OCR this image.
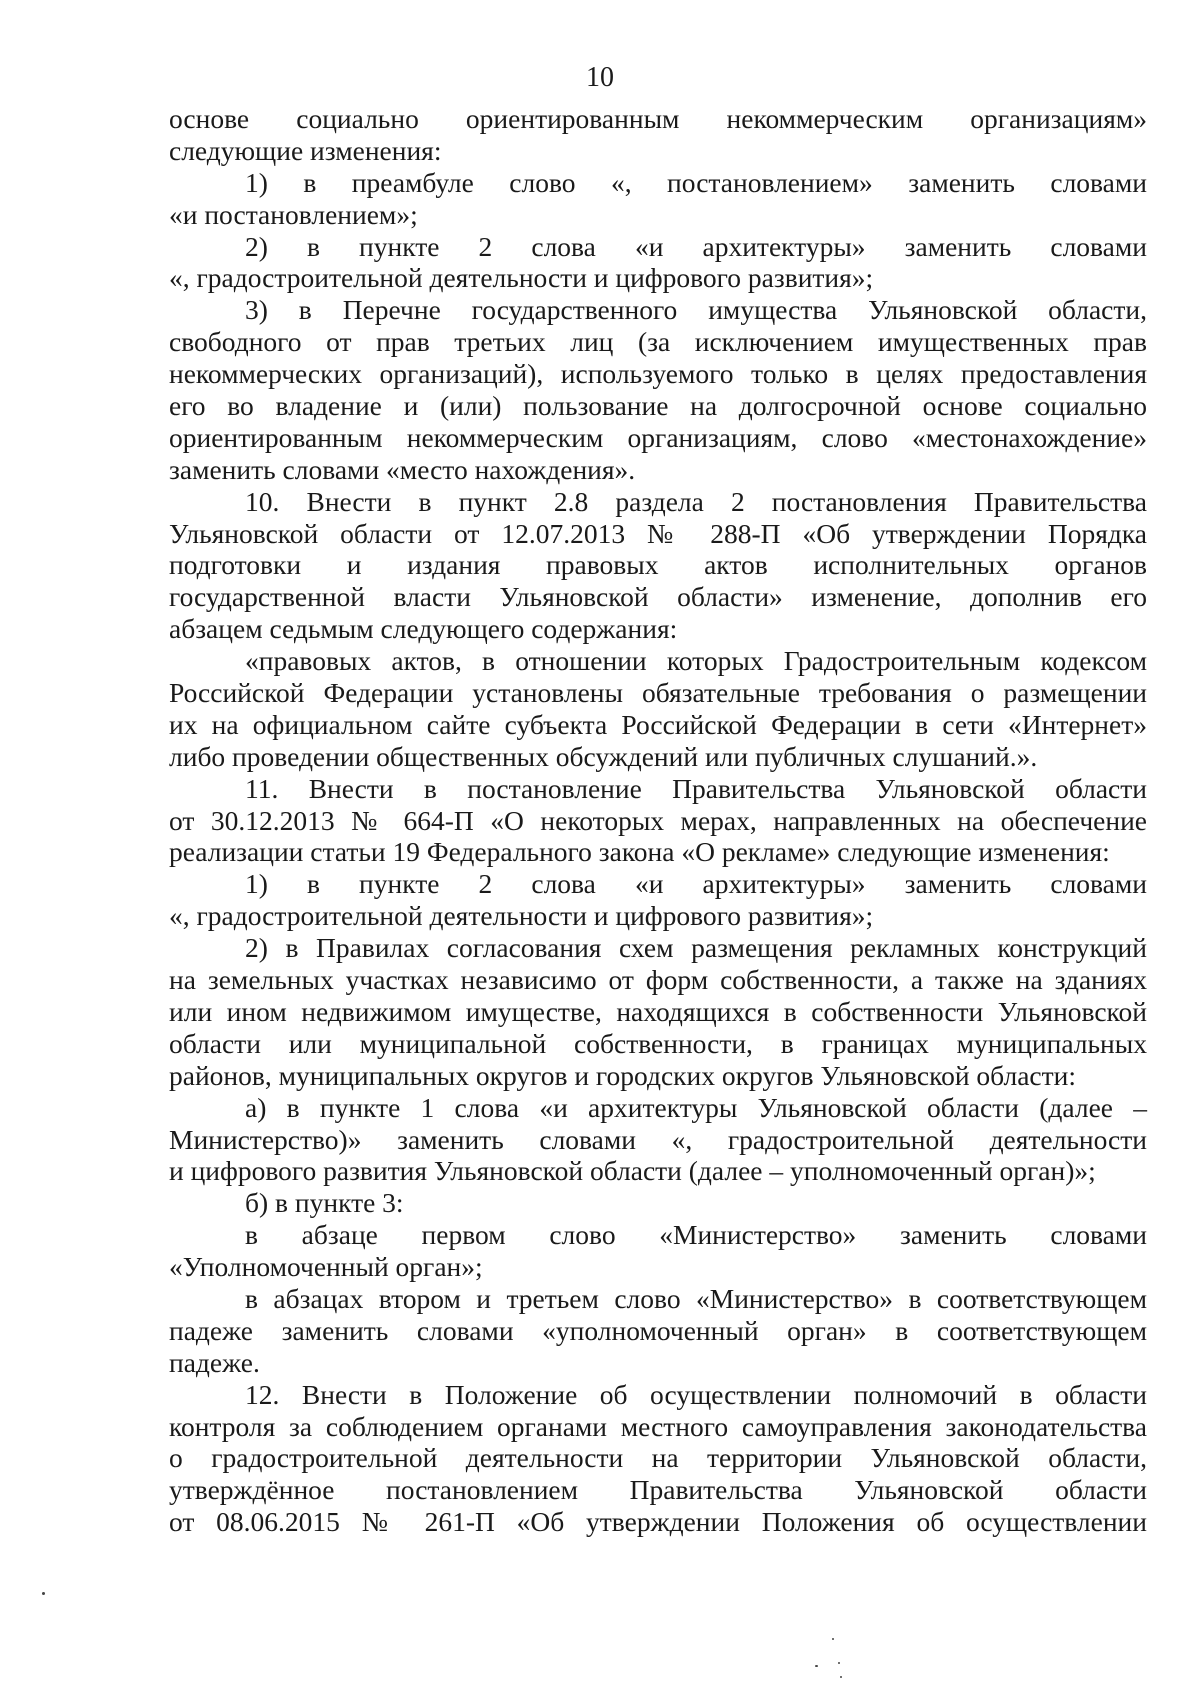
10
основе социально ориентированным некоммерческим организациям»
следующие изменения:
1) в преамбуле слово «, постановлением» заменить словами
«и постановлением»;
2) в пункте 2 слова «и архитектуры» заменить словами
«, градостроительной деятельности и цифрового развития»;
3) в Перечне государственного имущества Ульяновской области,
свободного от прав третьих лиц (за исключением имущественных прав
некоммерческих организаций), используемого только в целях предоставления
его во владение и (или) пользование на долгосрочной основе социально
ориентированным некоммерческим организациям, слово «местонахождение»
заменить словами «место нахождения».
10. Внести в пункт 2.8 раздела 2 постановления Правительства
Ульяновской области от 12.07.2013 № 288-П «Об утверждении Порядка
подготовки и издания правовых актов исполнительных органов
государственной власти Ульяновской области» изменение, дополнив его
абзацем седьмым следующего содержания:
«правовых актов, в отношении которых Градостроительным кодексом
Российской Федерации установлены обязательные требования о размещении
их на официальном сайте субъекта Российской Федерации в сети «Интернет»
либо проведении общественных обсуждений или публичных слушаний.».
11. Внести в постановление Правительства Ульяновской области
от 30.12.2013 № 664-П «О некоторых мерах, направленных на обеспечение
реализации статьи 19 Федерального закона «О рекламе» следующие изменения:
1) в пункте 2 слова «и архитектуры» заменить словами
«, градостроительной деятельности и цифрового развития»;
2) в Правилах согласования схем размещения рекламных конструкций
на земельных участках независимо от форм собственности, а также на зданиях
или ином недвижимом имуществе, находящихся в собственности Ульяновской
области или муниципальной собственности, в границах муниципальных
районов, муниципальных округов и городских округов Ульяновской области:
а) в пункте 1 слова «и архитектуры Ульяновской области (далее –
Министерство)» заменить словами «, градостроительной деятельности
и цифрового развития Ульяновской области (далее – уполномоченный орган)»;
б) в пункте 3:
в абзаце первом слово «Министерство» заменить словами
«Уполномоченный орган»;
в абзацах втором и третьем слово «Министерство» в соответствующем
падеже заменить словами «уполномоченный орган» в соответствующем
падеже.
12. Внести в Положение об осуществлении полномочий в области
контроля за соблюдением органами местного самоуправления законодательства
о градостроительной деятельности на территории Ульяновской области,
утверждённое постановлением Правительства Ульяновской области
от 08.06.2015 № 261-П «Об утверждении Положения об осуществлении
